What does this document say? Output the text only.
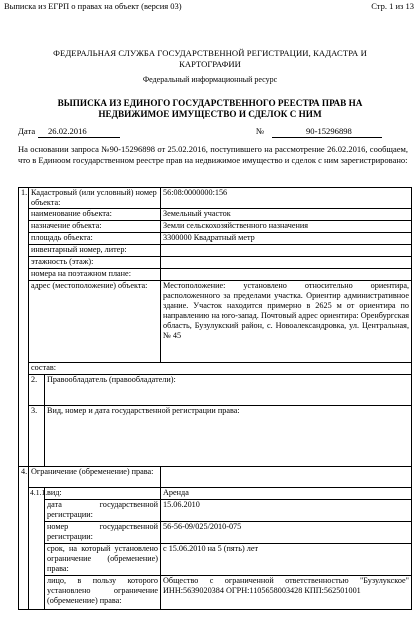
Выписка из ЕГРП о правах на объект (версия 03)	Стр. 1 из 13
ФЕДЕРАЛЬНАЯ СЛУЖБА ГОСУДАРСТВЕННОЙ РЕГИСТРАЦИИ, КАДАСТРА И
КАРТОГРАФИИ
Федеральный информационный ресурс
ВЫПИСКА ИЗ ЕДИНОГО ГОСУДАРСТВЕННОГО РЕЕСТРА ПРАВ НА
НЕДВИЖИМОЕ ИМУЩЕСТВО И СДЕЛОК С НИМ
Дата 26.02.2016	№	90-15296898
На основании запроса №90-15296898 от 25.02.2016, поступившего на рассмотрение 26.02.2016, сообщаем, что в Единоом государственном реестре прав на недвижимое имущество и сделок с ним зарегистрировано:
1.	Кадастровый (или условный) номер объекта:		56:08:0000000:156	
	наименование объекта:		Земельный участок	
	назначение объекта:		Земли сельскохозяйственного назначения	
	площадь объекта:		3300000 Квадратный метр	
	инвентарный номер, литер:			
	этажность (этаж):			
	номера на поэтажном плане:			
	адрес (местоположение) объекта:		Местоположение: установлено относительно ориентира, расположенного за пределами участка. Ориентир административное здание. Участок находится примерно в 2625 м от ориентира по направлению на юго-запад. Почтовый адрес ориентира: Оренбургская область, Бузулукский район, с. Новоалександровка, ул. Центральная, № 45	
	состав:			
	2.	Правообладатель (правообладатели):	
	3.	Вид, номер и дата государственной регистрации права:	

4.	Ограничение (обременение) права:			
	4.1.1.	вид:	Аренда	
		дата государственной регистрации:	15.06.2010	
		номер государственной регистрации:	56-56-09/025/2010-075	
		срок, на который установлено ограничение (обременение) права:	с 15.06.2010 на 5 (пять) лет	
		лицо, в пользу которого установлено ограничение (обременение) права:	Общество с ограниченной ответственностью "Бузулукское" ИНН:5639020384 ОГРН:1105658003428 КПП:562501001	
